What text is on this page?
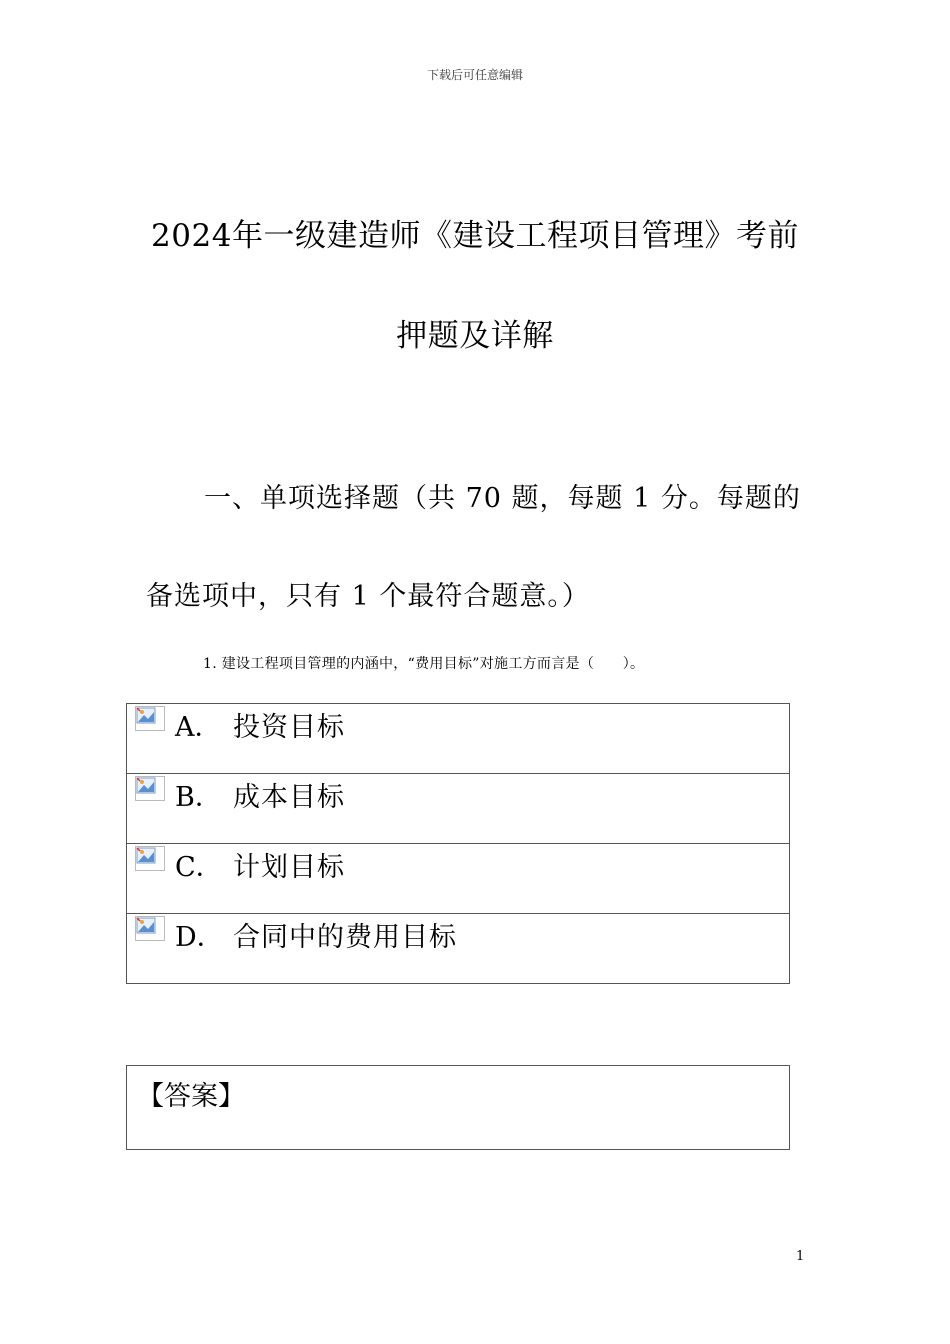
下载后可任意编辑
2024年一级建造师《建设工程项目管理》考前
押题及详解
一、单项选择题（共 70 题，每题 1 分。每题的
备选项中，只有 1 个最符合题意。）
1. 建设工程项目管理的内涵中，“费用目标”对施工方而言是（　　）。
A． 投资目标
B． 成本目标
C． 计划目标
D． 合同中的费用目标
【答案】
1
